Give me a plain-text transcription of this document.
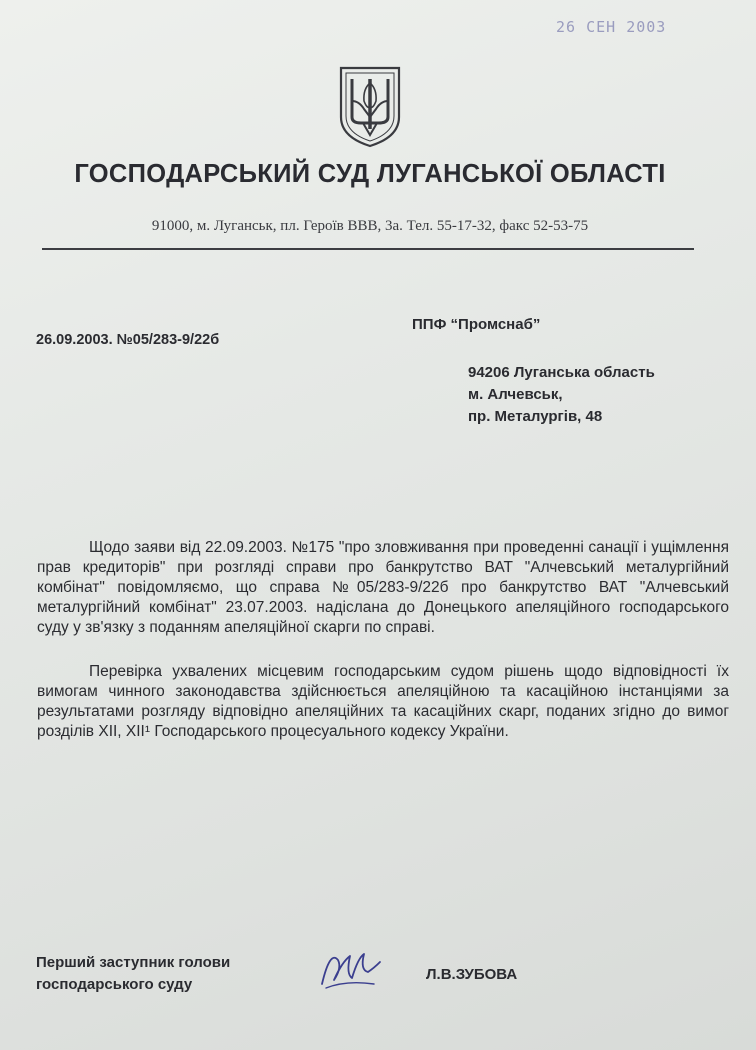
26 СЕН 2003
ГОСПОДАРСЬКИЙ СУД ЛУГАНСЬКОЇ ОБЛАСТІ
91000, м. Луганськ, пл. Героїв ВВВ, 3а. Тел. 55-17-32, факс 52-53-75
26.09.2003. №05/283-9/22б
ППФ “Промснаб”
94206 Луганська область
м. Алчевськ,
пр. Металургів, 48

Щодо заяви від 22.09.2003. №175 "про зловживання при проведенні санації і ущімлення прав кредиторів" при розгляді справи про банкрутство ВАТ "Алчевський металургійний комбінат" повідомляємо, що справа №05/283-9/22б про банкрутство ВАТ "Алчевський металургійний комбінат" 23.07.2003. надіслана до Донецького апеляційного господарського суду у зв'язку з поданням апеляційної скарги по справі.

Перевірка ухвалених місцевим господарським судом рішень щодо відповідності їх вимогам чинного законодавства здійснюється апеляційною та касаційною інстанціями за результатами розгляду відповідно апеляційних та касаційних скарг, поданих згідно до вимог розділів XII, XII¹ Господарського процесуального кодексу України.

Перший заступник голови
господарського суду
Л.В.ЗУБОВА
